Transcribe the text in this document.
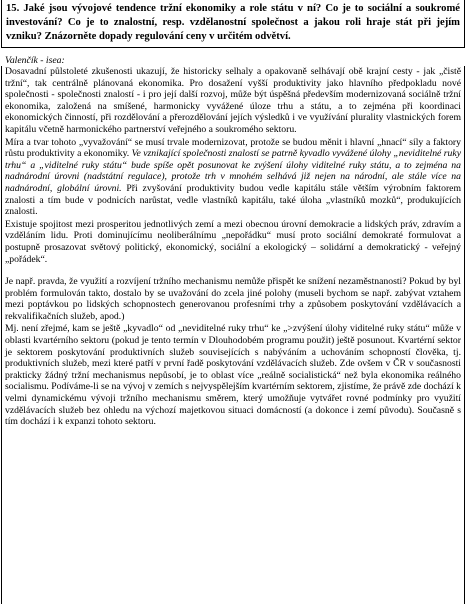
15. Jaké jsou vývojové tendence tržní ekonomiky a role státu v ní? Co je to sociální a soukromé investování? Co je to znalostní, resp. vzdělanostní společnost a jakou roli hraje stát při jejím vzniku? Znázorněte dopady regulování ceny v určitém odvětví.

Valenčík - isea:

Dosavadní půlstoleté zkušenosti ukazují, že historicky selhaly a opakovaně selhávají obě krajní cesty - jak „čistě tržní“, tak centrálně plánovaná ekonomika. Pro dosažení vyšší produktivity jako hlavního předpokladu nové společnosti - společnosti znalostí - i pro její další rozvoj, může být úspěšná především modernizovaná sociálně tržní ekonomika, založená na smíšené, harmonicky vyvážené úloze trhu a státu, a to zejména při koordinaci ekonomických činností, při rozdělování a přerozdělování jejích výsledků i ve využívání plurality vlastnických forem kapitálu včetně harmonického partnerství veřejného a soukromého sektoru.

Míra a tvar tohoto „vyvažování“ se musí trvale modernizovat, protože se budou měnit i hlavní „hnací“ síly a faktory růstu produktivity a ekonomiky. Ve vznikající společnosti znalostí se patrně kyvadlo vyvážené úlohy „neviditelné ruky trhu“ a „viditelné ruky státu“ bude spíše opět posunovat ke zvýšení úlohy viditelné ruky státu, a to zejména na nadnárodní úrovni (nadstátní regulace), protože trh v mnohém selhává již nejen na národní, ale stále více na nadnárodní, globální úrovni. Při zvyšování produktivity budou vedle kapitálu stále větším výrobním faktorem znalosti a tím bude v podnicích narůstat, vedle vlastníků kapitálu, také úloha „vlastníků mozků“, produkujících znalosti.

Existuje spojitost mezi prosperitou jednotlivých zemí a mezi obecnou úrovní demokracie a lidských práv, zdravím a vzděláním lidu. Proti dominujícímu neoliberálnímu „nepořádku“ musí proto sociální demokraté formulovat a postupně prosazovat světový politický, ekonomický, sociální a ekologický – solidární a demokratický - veřejný „pořádek“.

Je např. pravda, že využití a rozvíjení tržního mechanismu nemůže přispět ke snížení nezaměstnanosti? Pokud by byl problém formulován takto, dostalo by se uvažování do zcela jiné polohy (museli bychom se např. zabývat vztahem mezi poptávkou po lidských schopnostech generovanou profesními trhy a způsobem poskytování vzdělávacích a rekvalifikačních služeb, apod.)

Mj. není zřejmé, kam se ještě „kyvadlo“ od „neviditelné ruky trhu“ ke „>zvýšení úlohy viditelné ruky státu“ může v oblasti kvartérního sektoru (pokud je tento termín v Dlouhodobém programu použit) ještě posunout. Kvartérní sektor je sektorem poskytování produktivních služeb souvisejících s nabýváním a uchováním schopností člověka, tj. produktivních služeb, mezi které patří v první řadě poskytování vzdělávacích služeb. Zde ovšem v ČR v současnosti prakticky žádný tržní mechanismus nepůsobí, je to oblast více „reálně socialistická“ než byla ekonomika reálného socialismu. Podíváme-li se na vývoj v zemích s nejvyspělejším kvartérním sektorem, zjistíme, že právě zde dochází k velmi dynamickému vývoji tržního mechanismu směrem, který umožňuje vytvářet rovné podmínky pro využití vzdělávacích služeb bez ohledu na výchozí majetkovou situaci domácností (a dokonce i zemí původu). Současně s tím dochází i k expanzi tohoto sektoru.
